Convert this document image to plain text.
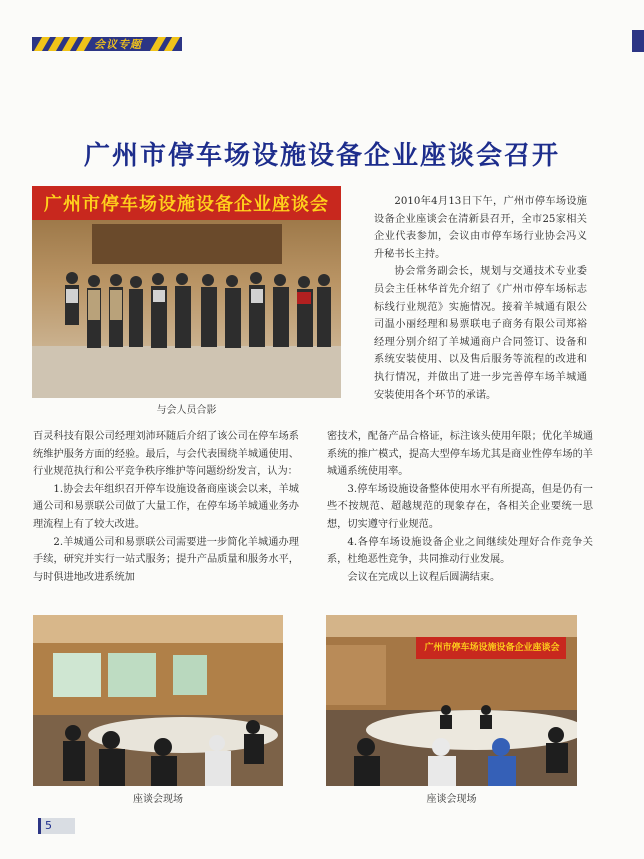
会议专题
广州市停车场设施设备企业座谈会召开
广州市停车场设施设备企业座谈会
与会人员合影

2010年4月13日下午，广州市停车场设施设备企业座谈会在清新县召开，全市25家相关企业代表参加，会议由市停车场行业协会冯义升秘书长主持。

协会常务副会长，规划与交通技术专业委员会主任林华首先介绍了《广州市停车场标志标线行业规范》实施情况。接着羊城通有限公司温小丽经理和易票联电子商务有限公司郑裕经理分别介绍了羊城通商户合同签订、设备和系统安装使用、以及售后服务等流程的改进和执行情况，并做出了进一步完善停车场羊城通安装使用各个环节的承诺。

百灵科技有限公司经理刘沛环随后介绍了该公司在停车场系统维护服务方面的经验。最后，与会代表围绕羊城通使用、行业规范执行和公平竞争秩序维护等问题纷纷发言，认为：

1.协会去年组织召开停车设施设备商座谈会以来，羊城通公司和易票联公司做了大量工作，在停车场羊城通业务办理流程上有了较大改进。

2.羊城通公司和易票联公司需要进一步简化羊城通办理手续，研究并实行一站式服务；提升产品质量和服务水平，与时俱进地改进系统加

密技术，配备产品合格证，标注该头使用年限；优化羊城通系统的推广模式，提高大型停车场尤其是商业性停车场的羊城通系统使用率。

3.停车场设施设备整体使用水平有所提高，但是仍有一些不按规范、超越规范的现象存在，各相关企业要统一思想，切实遵守行业规范。

4.各停车场设施设备企业之间继续处理好合作竞争关系，杜绝恶性竞争，共同推动行业发展。

会议在完成以上议程后圆满结束。

座谈会现场
广州市停车场设施设备企业座谈会
座谈会现场
5
